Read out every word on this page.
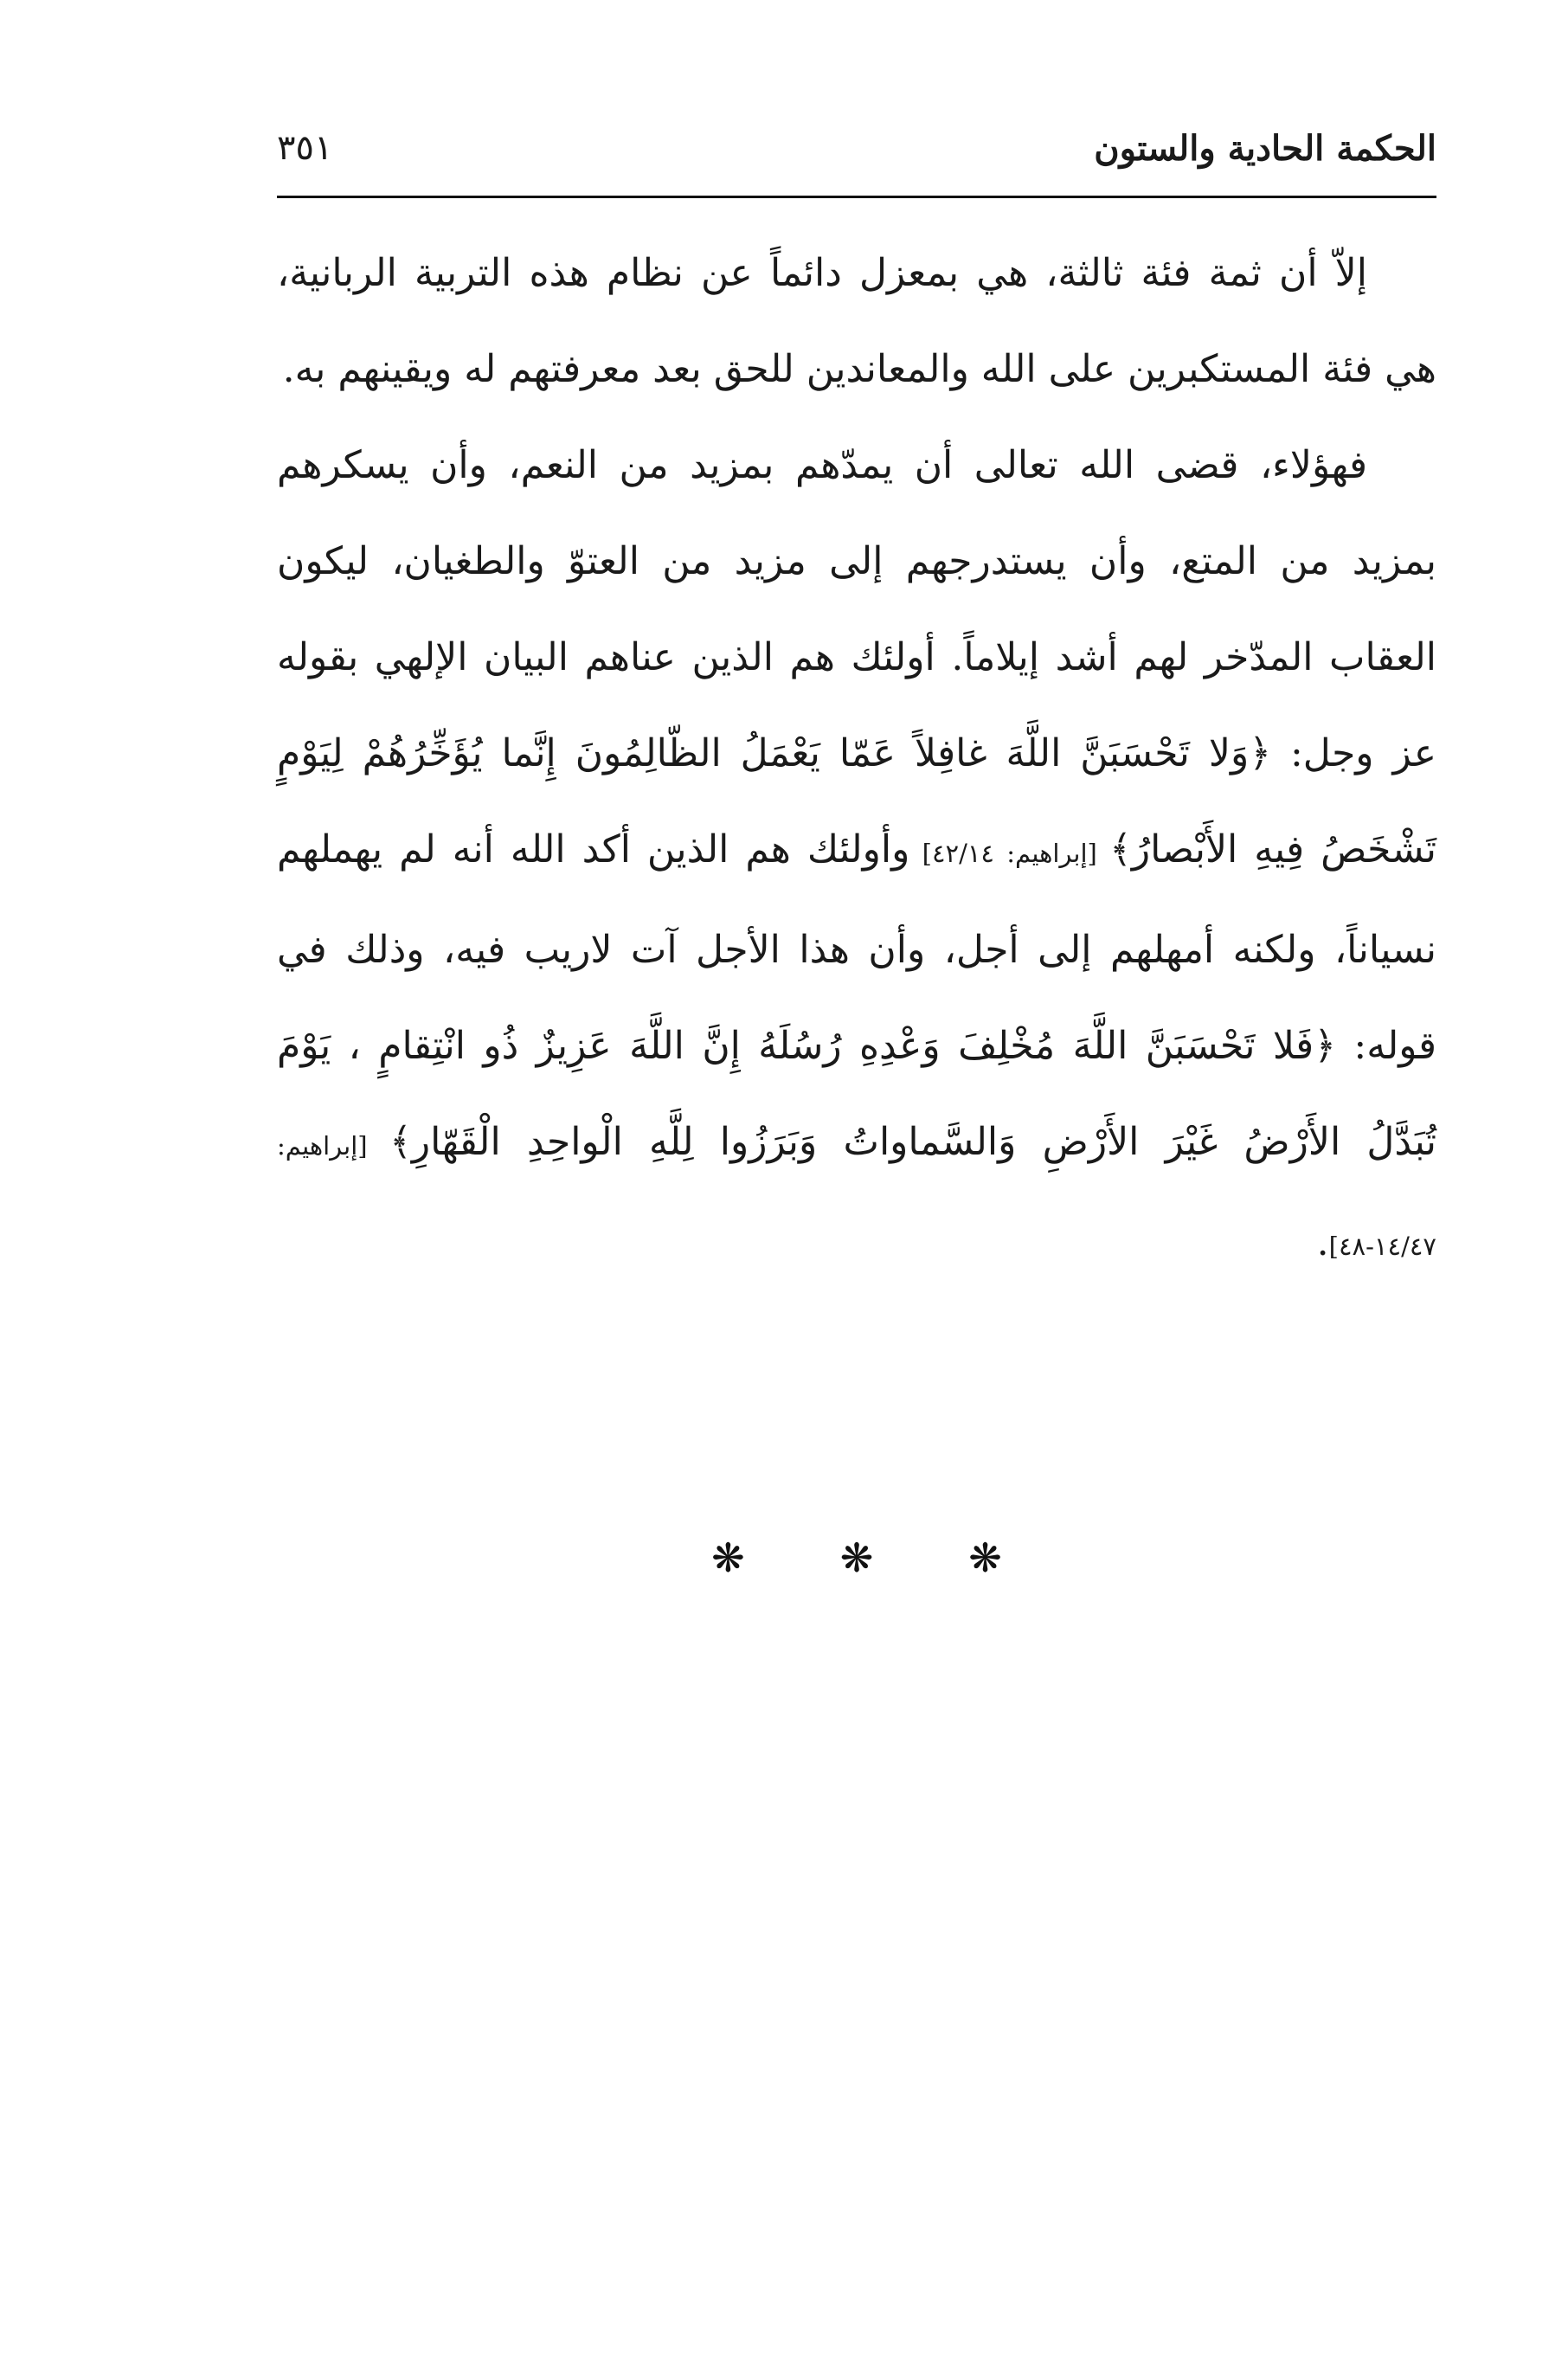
الحكمة الحادية والستون
٣٥١

إلاّ أن ثمة فئة ثالثة، هي بمعزل دائماً عن نظام هذه التربية الربانية، هي فئة المستكبرين على الله والمعاندين للحق بعد معرفتهم له ويقينهم به.

فهؤلاء، قضى الله تعالى أن يمدّهم بمزيد من النعم، وأن يسكرهم بمزيد من المتع، وأن يستدرجهم إلى مزيد من العتوّ والطغيان، ليكون العقاب المدّخر لهم أشد إيلاماً. أولئك هم الذين عناهم البيان الإلهي بقوله عز وجل: ﴿وَلا تَحْسَبَنَّ اللَّهَ غافِلاً عَمّا يَعْمَلُ الظّالِمُونَ إِنَّما يُؤَخِّرُهُمْ لِيَوْمٍ تَشْخَصُ فِيهِ الأَبْصارُ﴾ [إبراهيم: ٤٢/١٤] وأولئك هم الذين أكد الله أنه لم يهملهم نسياناً، ولكنه أمهلهم إلى أجل، وأن هذا الأجل آت لاريب فيه، وذلك في قوله: ﴿فَلا تَحْسَبَنَّ اللَّهَ مُخْلِفَ وَعْدِهِ رُسُلَهُ إِنَّ اللَّهَ عَزِيزٌ ذُو انْتِقامٍ ، يَوْمَ تُبَدَّلُ الأَرْضُ غَيْرَ الأَرْضِ وَالسَّماواتُ وَبَرَزُوا لِلَّهِ الْواحِدِ الْقَهّارِ﴾ [إبراهيم: ١٤/٤٧-٤٨].

❋ ❋ ❋
